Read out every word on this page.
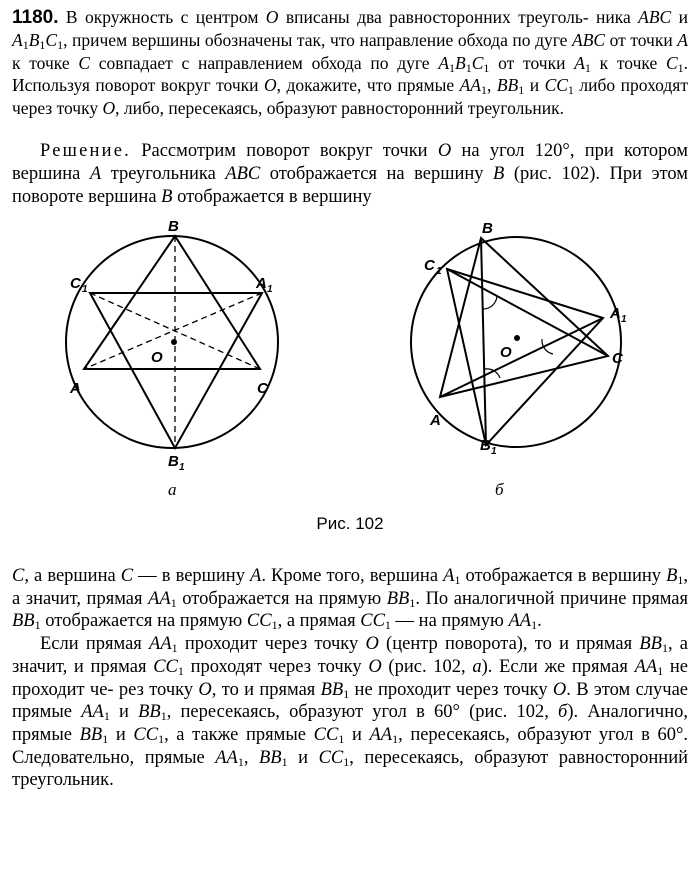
1180. В окружность с центром O вписаны два равносторонних треуголь- ника ABC и $A_1B_1C_1$, причем вершины обозначены так, что направление обхода по дуге ABC от точки A к точке C совпадает с направлением обхода по дуге $A_1B_1C_1$ от точки $A_1$ к точке $C_1$. Используя поворот вокруг точки O, докажите, что прямые $AA_1$, $BB_1$ и $CC_1$ либо проходят через точку O, либо, пересекаясь, образуют равносторонний треугольник.
Решение. Рассмотрим поворот вокруг точки O на угол 120°, при котором вершина A треугольника ABC отображается на вершину B (рис. 102). При этом повороте вершина B отображается в вершину
B
B 1
A 1
C 1
A	C
O
B
B 1
C 1
A 1
C
A
O
а	б
Рис. 102
C, а вершина C — в вершину A. Кроме того, вершина $A_1$ отображается в вершину $B_1$, а значит, прямая $AA_1$ отображается на прямую $BB_1$. По аналогичной причине прямая $BB_1$ отображается на прямую $CC_1$, а прямая $CC_1$ — на прямую $AA_1$.
Если прямая $AA_1$ проходит через точку O (центр поворота), то и прямая $BB_1$, а значит, и прямая $CC_1$ проходят через точку O (рис. 102, а). Если же прямая $AA_1$ не проходит че- рез точку O, то и прямая $BB_1$ не проходит через точку O. В этом случае прямые $AA_1$ и $BB_1$, пересекаясь, образуют угол в 60° (рис. 102, б). Аналогично, прямые $BB_1$ и $CC_1$, а также прямые $CC_1$ и $AA_1$, пересекаясь, образуют угол в 60°. Следовательно, прямые $AA_1$, $BB_1$ и $CC_1$, пересекаясь, образуют равносторонний треугольник.
